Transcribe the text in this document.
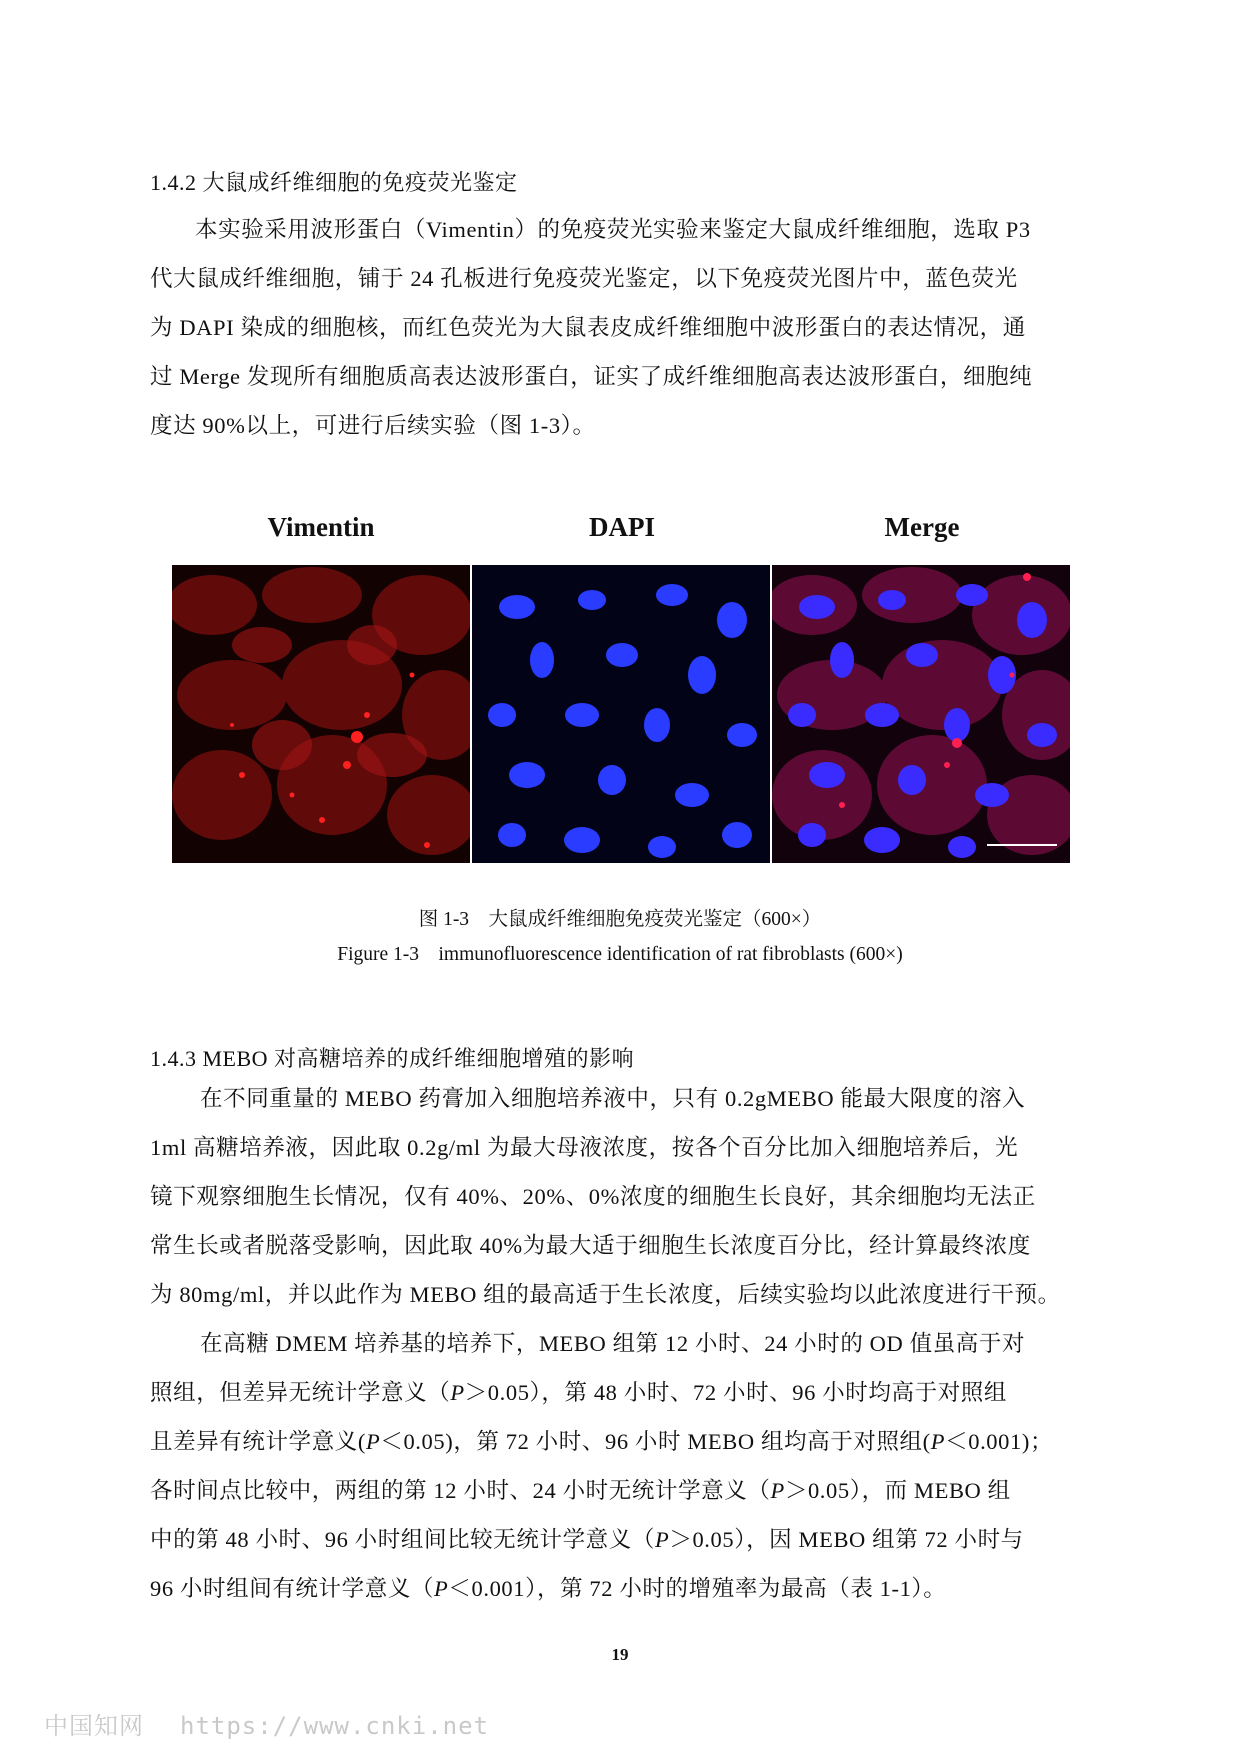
1.4.2 大鼠成纤维细胞的免疫荧光鉴定
本实验采用波形蛋白（Vimentin）的免疫荧光实验来鉴定大鼠成纤维细胞，选取 P3
代大鼠成纤维细胞，铺于 24 孔板进行免疫荧光鉴定，以下免疫荧光图片中，蓝色荧光
为 DAPI 染成的细胞核，而红色荧光为大鼠表皮成纤维细胞中波形蛋白的表达情况，通
过 Merge 发现所有细胞质高表达波形蛋白，证实了成纤维细胞高表达波形蛋白，细胞纯
度达 90%以上，可进行后续实验（图 1-3）。
Vimentin	DAPI	Merge
图 1-3　大鼠成纤维细胞免疫荧光鉴定（600×）
Figure 1-3　immunofluorescence identification of rat fibroblasts (600×)
1.4.3 MEBO 对高糖培养的成纤维细胞增殖的影响
在不同重量的 MEBO 药膏加入细胞培养液中，只有 0.2gMEBO 能最大限度的溶入
1ml 高糖培养液，因此取 0.2g/ml 为最大母液浓度，按各个百分比加入细胞培养后，光
镜下观察细胞生长情况，仅有 40%、20%、0%浓度的细胞生长良好，其余细胞均无法正
常生长或者脱落受影响，因此取 40%为最大适于细胞生长浓度百分比，经计算最终浓度
为 80mg/ml，并以此作为 MEBO 组的最高适于生长浓度，后续实验均以此浓度进行干预。
在高糖 DMEM 培养基的培养下，MEBO 组第 12 小时、24 小时的 OD 值虽高于对
照组，但差异无统计学意义（P＞0.05），第 48 小时、72 小时、96 小时均高于对照组
且差异有统计学意义(P＜0.05)，第 72 小时、96 小时 MEBO 组均高于对照组(P＜0.001)；
各时间点比较中，两组的第 12 小时、24 小时无统计学意义（P＞0.05），而 MEBO 组
中的第 48 小时、96 小时组间比较无统计学意义（P＞0.05），因 MEBO 组第 72 小时与
96 小时组间有统计学意义（P＜0.001），第 72 小时的增殖率为最高（表 1-1）。
19
中国知网 https://www.cnki.net
